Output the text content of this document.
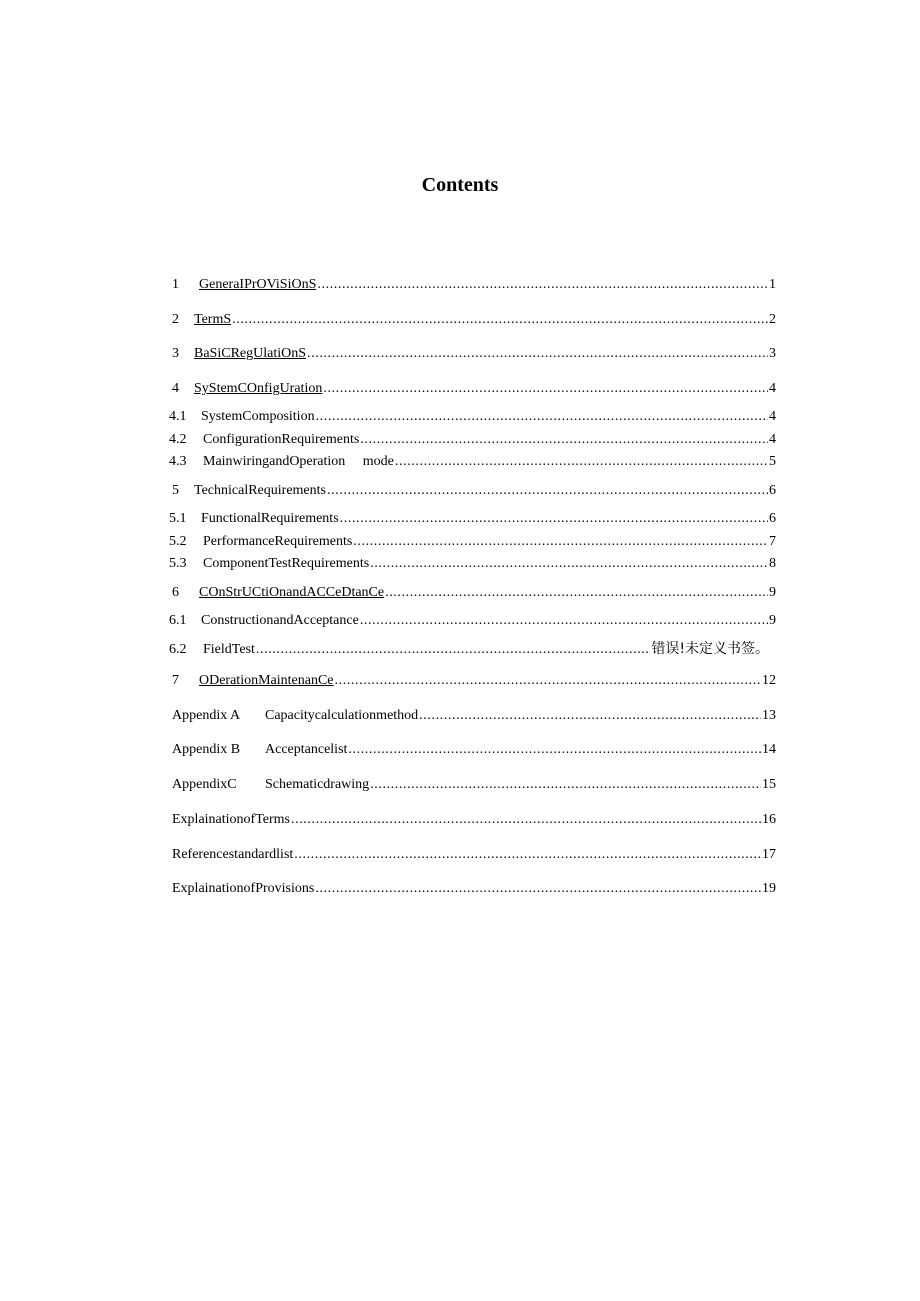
Contents
1	GeneraIPrOViSiOnS .....	1
2	TermS .....	2
3	BaSiCRegUlatiOnS .....	3
4	SyStemCOnfigUration .....	4
4.1	SystemComposition .....	4
4.2	ConfigurationRequirements .....	4
4.3	MainwiringandOperation     mode .....	5
5	TechnicalRequirements .....	6
5.1	FunctionalRequirements .....	6
5.2	PerformanceRequirements .....	7
5.3	ComponentTestRequirements .....	8
6	COnStrUCtiOnandACCeDtanCe .....	9
6.1	ConstructionandAcceptance .....	9
6.2	FieldTest .....	错误!未定义书签。
7	ODerationMaintenanCe .....	12
Appendix A	Capacitycalculationmethod .....	13
Appendix B	Acceptancelist .....	14
AppendixC	Schematicdrawing .....	15
ExplainationofTerms .....	16
Referencestandardlist .....	17
ExplainationofProvisions .....	19
